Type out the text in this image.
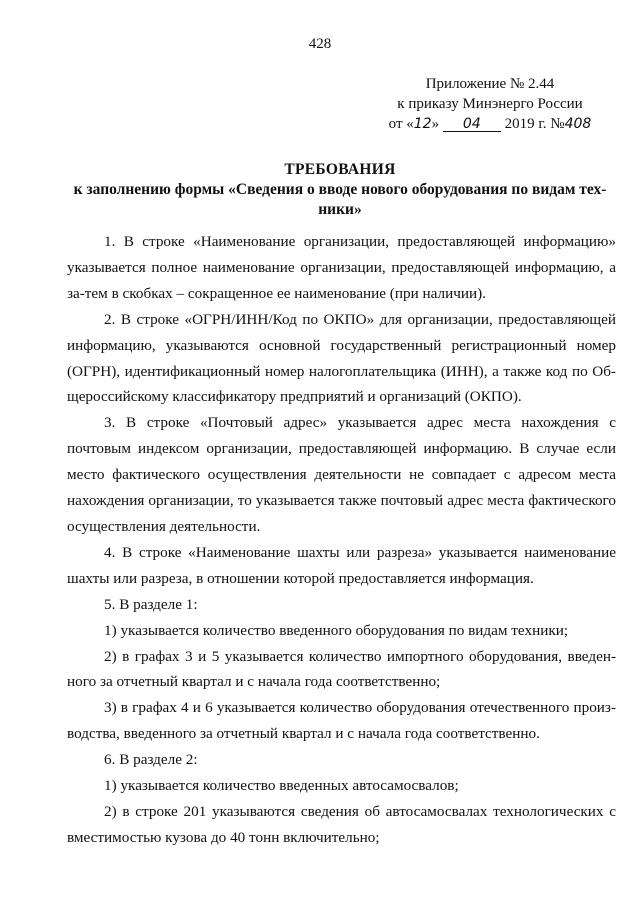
428
Приложение № 2.44
к приказу Минэнерго России
от «12» 04 2019 г. №408
ТРЕБОВАНИЯ
к заполнению формы «Сведения о вводе нового оборудования по видам тех-ники»

1. В строке «Наименование организации, предоставляющей информацию» указывается полное наименование организации, предоставляющей информацию, а за-тем в скобках – сокращенное ее наименование (при наличии).

2. В строке «ОГРН/ИНН/Код по ОКПО» для организации, предоставляющей информацию, указываются основной государственный регистрационный номер (ОГРН), идентификационный номер налогоплательщика (ИНН), а также код по Об-щероссийскому классификатору предприятий и организаций (ОКПО).

3. В строке «Почтовый адрес» указывается адрес места нахождения с почтовым индексом организации, предоставляющей информацию. В случае если место фактического осуществления деятельности не совпадает с адресом места нахождения организации, то указывается также почтовый адрес места фактического осуществления деятельности.

4. В строке «Наименование шахты или разреза» указывается наименование шахты или разреза, в отношении которой предоставляется информация.

5. В разделе 1:

1) указывается количество введенного оборудования по видам техники;

2) в графах 3 и 5 указывается количество импортного оборудования, введен-ного за отчетный квартал и с начала года соответственно;

3) в графах 4 и 6 указывается количество оборудования отечественного произ-водства, введенного за отчетный квартал и с начала года соответственно.

6. В разделе 2:

1) указывается количество введенных автосамосвалов;

2) в строке 201 указываются сведения об автосамосвалах технологических с вместимостью кузова до 40 тонн включительно;
